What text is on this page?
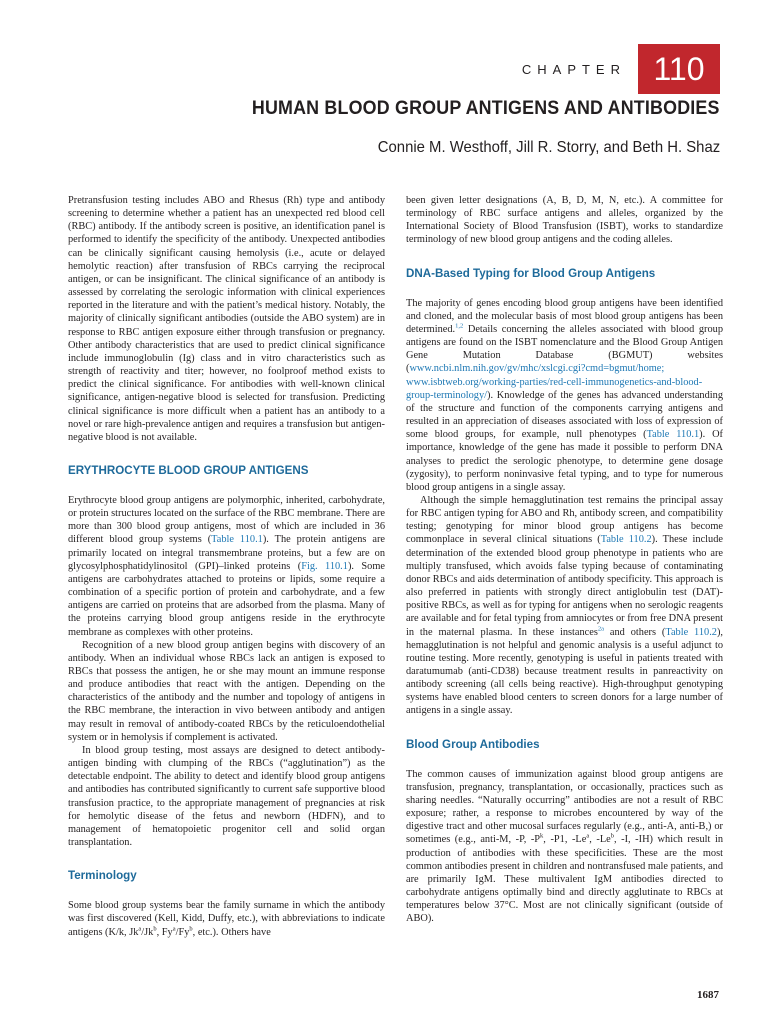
CHAPTER 110
HUMAN BLOOD GROUP ANTIGENS AND ANTIBODIES
Connie M. Westhoff, Jill R. Storry, and Beth H. Shaz

Pretransfusion testing includes ABO and Rhesus (Rh) type and antibody screening to determine whether a patient has an unexpected red blood cell (RBC) antibody. If the antibody screen is positive, an identification panel is performed to identify the specificity of the antibody. Unexpected antibodies can be clinically significant causing hemolysis (i.e., acute or delayed hemolytic reaction) after transfusion of RBCs carrying the reciprocal antigen, or can be insignificant. The clinical significance of an antibody is assessed by correlating the serologic information with clinical experiences reported in the literature and with the patient’s medical history. Notably, the majority of clinically significant antibodies (outside the ABO system) are in response to RBC antigen exposure either through transfusion or pregnancy. Other antibody characteristics that are used to predict clinical significance include immunoglobulin (Ig) class and in vitro characteristics such as strength of reactivity and titer; however, no foolproof method exists to predict the clinical significance. For antibodies with well-known clinical significance, antigen-negative blood is selected for transfusion. Predicting clinical significance is more difficult when a patient has an antibody to a novel or rare high-prevalence antigen and requires a transfusion but antigen-negative blood is not available.

ERYTHROCYTE BLOOD GROUP ANTIGENS

Erythrocyte blood group antigens are polymorphic, inherited, carbohydrate, or protein structures located on the surface of the RBC membrane. There are more than 300 blood group antigens, most of which are included in 36 different blood group systems (Table 110.1). The protein antigens are primarily located on integral transmembrane proteins, but a few are on glycosylphosphatidylinositol (GPI)–linked proteins (Fig. 110.1). Some antigens are carbohydrates attached to proteins or lipids, some require a combination of a specific portion of protein and carbohydrate, and a few antigens are carried on proteins that are adsorbed from the plasma. Many of the proteins carrying blood group antigens reside in the erythrocyte membrane as complexes with other proteins.

Recognition of a new blood group antigen begins with discovery of an antibody. When an individual whose RBCs lack an antigen is exposed to RBCs that possess the antigen, he or she may mount an immune response and produce antibodies that react with the antigen. Depending on the characteristics of the antibody and the number and topology of antigens in the RBC membrane, the interaction in vivo between antibody and antigen may result in removal of antibody-coated RBCs by the reticuloendothelial system or in hemolysis if complement is activated.

In blood group testing, most assays are designed to detect antibody-antigen binding with clumping of the RBCs (“agglutination”) as the detectable endpoint. The ability to detect and identify blood group antigens and antibodies has contributed significantly to current safe supportive blood transfusion practice, to the appropriate management of pregnancies at risk for hemolytic disease of the fetus and newborn (HDFN), and to management of hematopoietic progenitor cell and solid organ transplantation.

Terminology

Some blood group systems bear the family surname in which the antibody was first discovered (Kell, Kidd, Duffy, etc.), with abbreviations to indicate antigens (K/k, Jk$^a$/Jk$^b$, Fy$^a$/Fy$^b$, etc.). Others have

been given letter designations (A, B, D, M, N, etc.). A committee for terminology of RBC surface antigens and alleles, organized by the International Society of Blood Transfusion (ISBT), works to standardize terminology of new blood group antigens and the coding alleles.

DNA-Based Typing for Blood Group Antigens

The majority of genes encoding blood group antigens have been identified and cloned, and the molecular basis of most blood group antigens has been determined.$^{1,2}$ Details concerning the alleles associated with blood group antigens are found on the ISBT nomenclature and the Blood Group Antigen Gene Mutation Database (BGMUT) websites (www.ncbi.nlm.nih.gov/gv/mhc/xslcgi.cgi?cmd=bgmut/home; www.isbtweb.org/working-parties/red-cell-immunogenetics-and-blood-group-terminology/). Knowledge of the genes has advanced understanding of the structure and function of the components carrying antigens and resulted in an appreciation of diseases associated with loss of expression of some blood groups, for example, null phenotypes (Table 110.1). Of importance, knowledge of the gene has made it possible to perform DNA analyses to predict the serologic phenotype, to determine gene dosage (zygosity), to perform noninvasive fetal typing, and to type for numerous blood group antigens in a single assay.

Although the simple hemagglutination test remains the principal assay for RBC antigen typing for ABO and Rh, antibody screen, and compatibility testing; genotyping for minor blood group antigens has become commonplace in several clinical situations (Table 110.2). These include determination of the extended blood group phenotype in patients who are multiply transfused, which avoids false typing because of contaminating donor RBCs and aids determination of antibody specificity. This approach is also preferred in patients with strongly direct antiglobulin test (DAT)-positive RBCs, as well as for typing for antigens when no serologic reagents are available and for fetal typing from amniocytes or from free DNA present in the maternal plasma. In these instances$^{2a}$ and others (Table 110.2), hemagglutination is not helpful and genomic analysis is a useful adjunct to routine testing. More recently, genotyping is useful in patients treated with daratumumab (anti-CD38) because treatment results in panreactivity on antibody screening (all cells being reactive). High-throughput genotyping systems have enabled blood centers to screen donors for a large number of antigens in a single assay.

Blood Group Antibodies

The common causes of immunization against blood group antigens are transfusion, pregnancy, transplantation, or occasionally, practices such as sharing needles. “Naturally occurring” antibodies are not a result of RBC exposure; rather, a response to microbes encountered by way of the digestive tract and other mucosal surfaces regularly (e.g., anti-A, anti-B,) or sometimes (e.g., anti-M, -P, $-P^k$, -P1, -Le$^a$, -Le$^b$, -I, -IH) which result in production of antibodies with these specificities. These are the most common antibodies present in children and nontransfused male patients, and are primarily IgM. These multivalent IgM antibodies directed to carbohydrate antigens optimally bind and directly agglutinate to RBCs at temperatures below 37°C. Most are not clinically significant (outside of ABO).

1687
